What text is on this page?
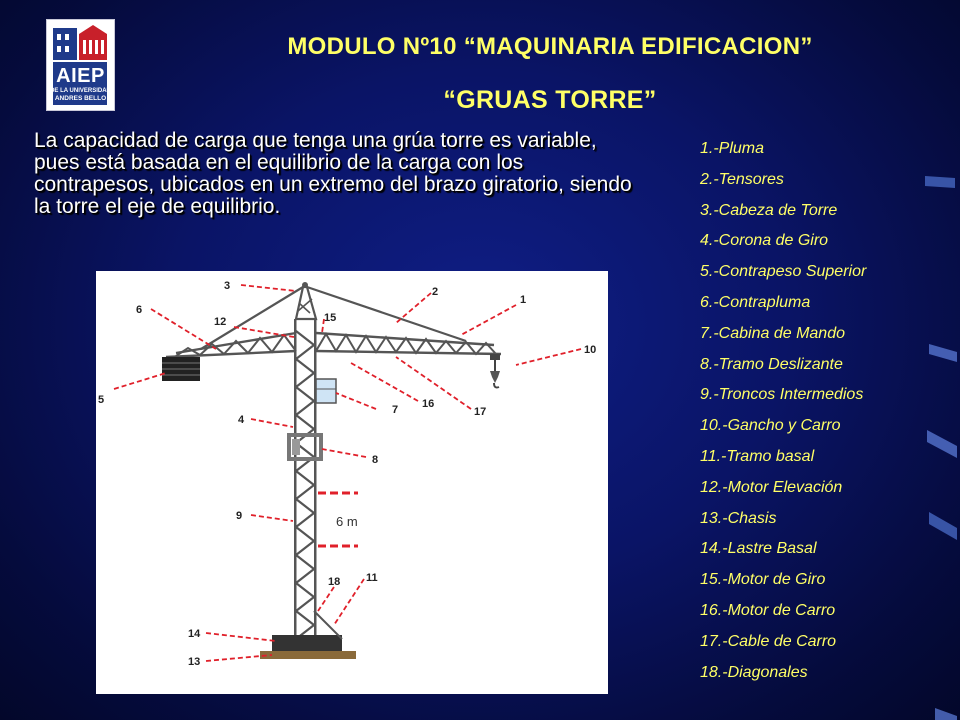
AIEP
DE LA UNIVERSIDAD
ANDRES BELLO
MODULO Nº10 “MAQUINARIA EDIFICACION”
“GRUAS TORRE”
La capacidad de carga que tenga una grúa torre es variable, pues está basada en el equilibrio de la carga con los contrapesos, ubicados en un extremo del brazo giratorio, siendo la torre el eje de equilibrio.
1.-Pluma
2.-Tensores
3.-Cabeza de Torre
4.-Corona de Giro
5.-Contrapeso Superior
6.-Contrapluma
7.-Cabina de Mando
8.-Tramo Deslizante
9.-Troncos Intermedios
10.-Gancho y Carro
11.-Tramo basal
12.-Motor Elevación
13.-Chasis
14.-Lastre Basal
15.-Motor de Giro
16.-Motor de Carro
17.-Cable de Carro
18.-Diagonales
6 m
1
2
3
4
5
6
7
8
9
10
11
12
13
14
15
16
17
18
